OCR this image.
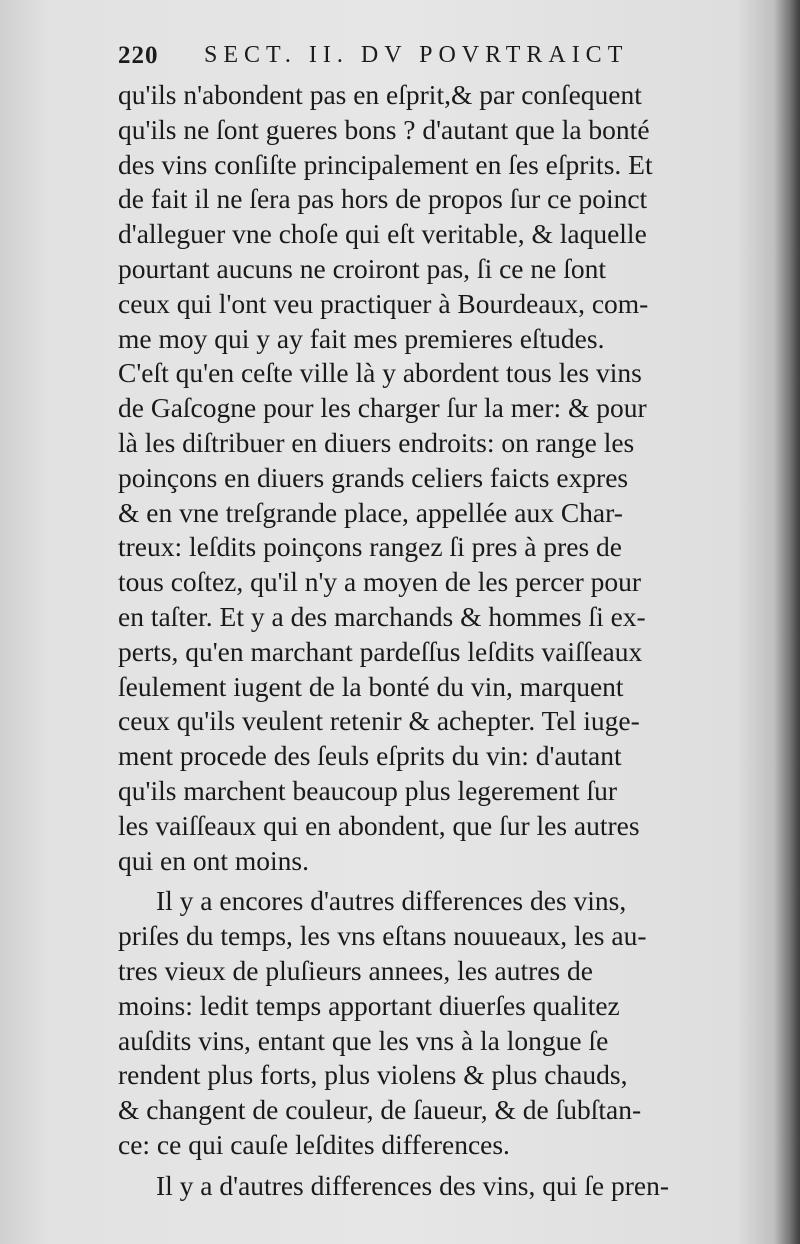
220 SECT. II. DV POVRTRAICT
qu'ils n'abondent pas en eſprit,& par conſequent
qu'ils ne ſont gueres bons ? d'autant que la bonté
des vins conſiſte principalement en ſes eſprits. Et
de fait il ne ſera pas hors de propos ſur ce poinct
d'alleguer vne choſe qui eſt veritable, & laquelle
pourtant aucuns ne croiront pas, ſi ce ne ſont
ceux qui l'ont veu practiquer à Bourdeaux, com-
me moy qui y ay fait mes premieres eſtudes.
C'eſt qu'en ceſte ville là y abordent tous les vins
de Gaſcogne pour les charger ſur la mer: & pour
là les diſtribuer en diuers endroits: on range les
poinçons en diuers grands celiers faicts expres
& en vne treſgrande place, appellée aux Char-
treux: leſdits poinçons rangez ſi pres à pres de
tous coſtez, qu'il n'y a moyen de les percer pour
en taſter. Et y a des marchands & hommes ſi ex-
perts, qu'en marchant pardeſſus leſdits vaiſſeaux
ſeulement iugent de la bonté du vin, marquent
ceux qu'ils veulent retenir & achepter. Tel iuge-
ment procede des ſeuls eſprits du vin: d'autant
qu'ils marchent beaucoup plus legerement ſur
les vaiſſeaux qui en abondent, que ſur les autres
qui en ont moins.
Il y a encores d'autres differences des vins,
priſes du temps, les vns eſtans nouueaux, les au-
tres vieux de pluſieurs annees, les autres de
moins: ledit temps apportant diuerſes qualitez
auſdits vins, entant que les vns à la longue ſe
rendent plus forts, plus violens & plus chauds,
& changent de couleur, de ſaueur, & de ſubſtan-
ce: ce qui cauſe leſdites differences.
Il y a d'autres differences des vins, qui ſe pren-
